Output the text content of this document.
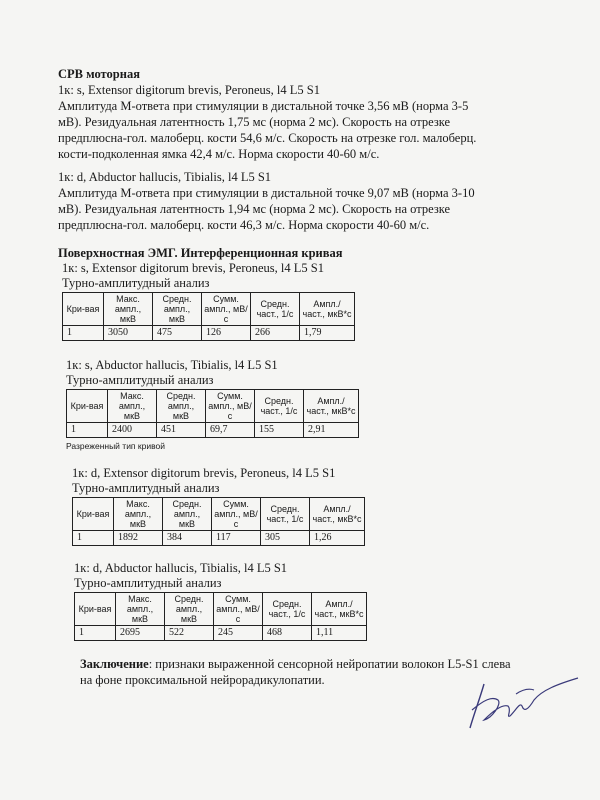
СРВ моторная
1к: s, Extensor digitorum brevis, Peroneus, l4 L5 S1
Амплитуда М-ответа при стимуляции в дистальной точке 3,56 мВ (норма 3-5
мВ). Резидуальная латентность 1,75 мс (норма 2 мс). Скорость на отрезке
предплюсна-гол. малоберц. кости 54,6 м/с. Скорость на отрезке гол. малоберц.
кости-подколенная ямка 42,4 м/с. Норма скорости 40-60 м/с.
1к: d, Abductor hallucis, Tibialis, l4 L5 S1
Амплитуда М-ответа при стимуляции в дистальной точке 9,07 мВ (норма 3-10
мВ). Резидуальная латентность 1,94 мс (норма 2 мс). Скорость на отрезке
предплюсна-гол. малоберц. кости 46,3 м/с. Норма скорости 40-60 м/с.
Поверхностная ЭМГ. Интерференционная кривая
1к: s, Extensor digitorum brevis, Peroneus, l4 L5 S1
Турно-амплитудный анализ
Кри-вая	Макс. ампл., мкВ	Средн. ампл., мкВ	Сумм. ампл., мВ/с	Средн. част., 1/с	Ампл./ част., мкВ*с
1	3050	475	126	266	1,79
1к: s, Abductor hallucis, Tibialis, l4 L5 S1
Турно-амплитудный анализ
Кри-вая	Макс. ампл., мкВ	Средн. ампл., мкВ	Сумм. ампл., мВ/с	Средн. част., 1/с	Ампл./ част., мкВ*с
1	2400	451	69,7	155	2,91
Разреженный тип кривой
1к: d, Extensor digitorum brevis, Peroneus, l4 L5 S1
Турно-амплитудный анализ
Кри-вая	Макс. ампл., мкВ	Средн. ампл., мкВ	Сумм. ампл., мВ/с	Средн. част., 1/с	Ампл./ част., мкВ*с
1	1892	384	117	305	1,26
1к: d, Abductor hallucis, Tibialis, l4 L5 S1
Турно-амплитудный анализ
Кри-вая	Макс. ампл., мкВ	Средн. ампл., мкВ	Сумм. ампл., мВ/с	Средн. част., 1/с	Ампл./ част., мкВ*с
1	2695	522	245	468	1,11
Заключение: признаки выраженной сенсорной нейропатии волокон L5-S1 слева
на фоне проксимальной нейрорадикулопатии.
